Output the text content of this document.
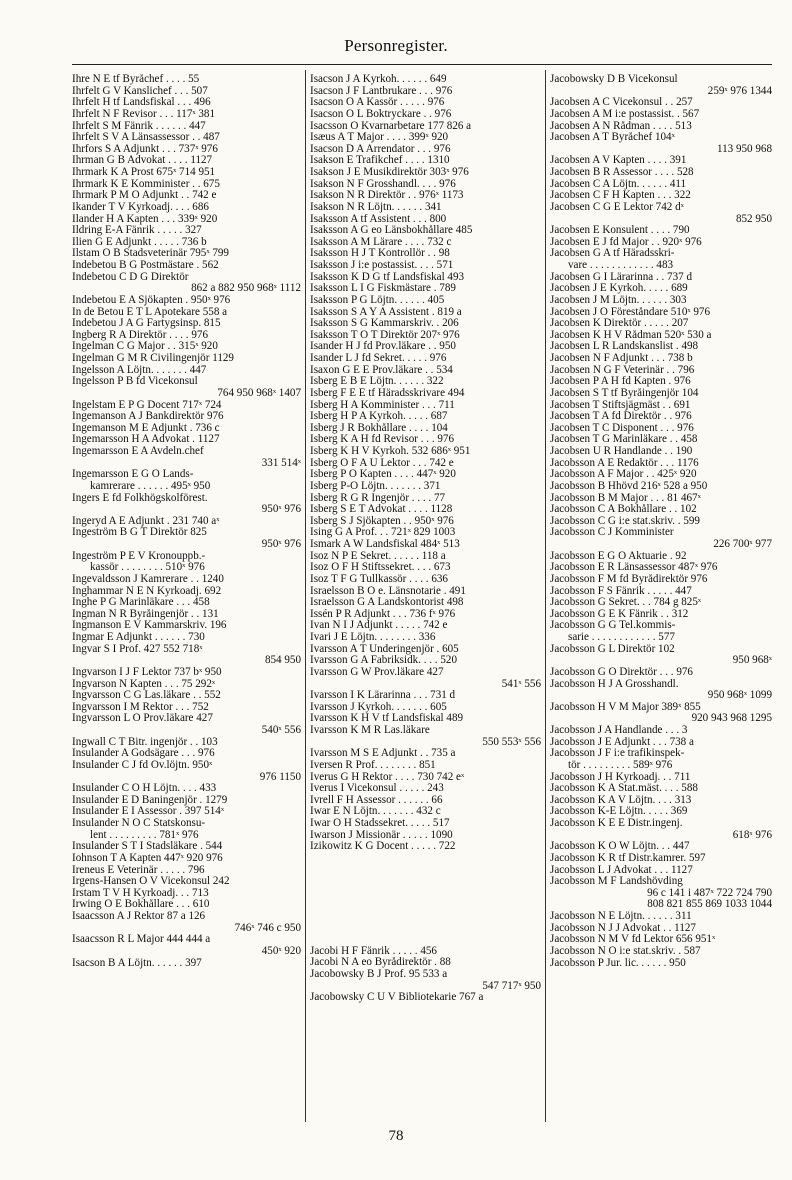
Personregister.
Ihre N E tf Byråchef . . . . 55
Ihrfelt G V Kanslichef . . . 507
Ihrfelt H tf Landsfiskal . . . 496
Ihrfelt N F Revisor . . . 117ˣ 381
Ihrfelt S M Fänrik . . . . . . 447
Ihrfelt S V A Länsassessor . . 487
Ihrfors S A Adjunkt . . . 737ˣ 976
Ihrman G B Advokat . . . . 1127
Ihrmark K A Prost 675ˣ 714 951
Ihrmark K E Komminister . . 675
Ihrmark P M O Adjunkt . . 742 e
Ikander T V Kyrkoadj. . . . 686
Ilander H A Kapten . . . 339ˣ 920
Ildring E-A Fänrik . . . . . 327
Ilien G E Adjunkt . . . . . 736 b
Ilstam O B Stadsveterinär 795ˣ 799
Indebetou B G Postmästare . 562
Indebetou C D G Direktör
862 a 882 950 968ˣ 1112
Indebetou E A Sjökapten . 950ˣ 976
In de Betou E T L Apotekare 558 a
Indebetou J A G Fartygsinsp. 815
Ingberg R A Direktör . . . . 976
Ingelman C G Major . . 315ˣ 920
Ingelman G M R Civilingenjör 1129
Ingelsson A Löjtn. . . . . . . 447
Ingelsson P B fd Vicekonsul
764 950 968ˣ 1407
Ingelstam E P G Docent 717ˣ 724
Ingemanson A J Bankdirektör 976
Ingemanson M E Adjunkt . 736 c
Ingemarsson H A Advokat . 1127
Ingemarsson E A Avdeln.chef
331 514ˣ
Ingemarsson E G O Lands-
kamrerare . . . . . . 495ˣ 950
Ingers E fd Folkhögskolförest.
950ˣ 976
Ingeryd A E Adjunkt . 231 740 aˣ
Ingeström B G T Direktör 825
950ˣ 976
Ingeström P E V Kronouppb.-
kassör . . . . . . . . 510ˣ 976
Ingevaldsson J Kamrerare . . 1240
Inghammar N E N Kyrkoadj. 692
Inghe P G Marinläkare . . . 458
Ingman N R Byråingenjör . . 131
Ingmanson E V Kammarskriv. 196
Ingmar E Adjunkt . . . . . . 730
Ingvar S I Prof. 427 552 718ˣ
854 950
Ingvarson I J F Lektor 737 bˣ 950
Ingvarson N Kapten . . . 75 292ˣ
Ingvarsson C G Las.läkare . . 552
Ingvarsson I M Rektor . . . 752
Ingvarsson L O Prov.läkare 427
540ˣ 556
Ingwall C T Bitr. ingenjör . . 103
Insulander A Godsägare . . . 976
Insulander C J fd Öv.löjtn. 950ˣ
976 1150
Insulander C O H Löjtn. . . . 433
Insulander E D Baningenjör . 1279
Insulander E I Assessor . 397 514ˣ
Insulander N O C Statskonsu-
lent . . . . . . . . . 781ˣ 976
Insulander S T I Stadsläkare . 544
Iohnson T A Kapten 447ˣ 920 976
Ireneus E Veterinär . . . . . 796
Irgens-Hansen O V Vicekonsul 242
Irstam T V H Kyrkoadj. . . 713
Irwing O E Bokhållare . . . 610
Isaacsson A J Rektor 87 a 126
746ˣ 746 c 950
Isaacsson R L Major 444 444 a
450ˣ 920
Isacson B A Löjtn. . . . . . 397
Isacson J A Kyrkoh. . . . . . 649
Isacson J F Lantbrukare . . . 976
Isacson O A Kassör . . . . . 976
Isacson O L Boktryckare . . 976
Isacsson O Kvarnarbetare 177 826 a
Isæus A T Major . . . . 399ˣ 920
Isacson D A Arrendator . . . 976
Isakson E Trafikchef . . . . 1310
Isakson J E Musikdirektör 303ˣ 976
Isakson N F Grosshandl. . . . 976
Isakson N R Direktör . . 976ˣ 1173
Isakson N R Löjtn. . . . . . 341
Isaksson A tf Assistent . . . 800
Isaksson A G eo Länsbokhållare 485
Isaksson A M Lärare . . . . 732 c
Isaksson H J T Kontrollör . . 98
Isaksson J i:e postassist. . . . 571
Isaksson K D G tf Landsfiskal 493
Isaksson L I G Fiskmästare . 789
Isaksson P G Löjtn. . . . . . 405
Isaksson S A Y A Assistent . 819 a
Isaksson S G Kammarskriv. . 206
Isaksson T O T Direktör 207ˣ 976
Isander H J fd Prov.läkare . . 950
Isander L J fd Sekret. . . . . 976
Isaxon G E E Prov.läkare . . 534
Isberg E B E Löjtn. . . . . . 322
Isberg F E E tf Häradsskrivare 494
Isberg H A Komminister . . . 711
Isberg H P A Kyrkoh. . . . . 687
Isberg J R Bokhållare . . . . 104
Isberg K A H fd Revisor . . . 976
Isberg K H V Kyrkoh. 532 686ˣ 951
Isberg O F A U Lektor . . . 742 e
Isberg P O Kapten . . . . 447ˣ 920
Isberg P-O Löjtn. . . . . . . 371
Isberg R G R Ingenjör . . . . 77
Isberg S E T Advokat . . . . 1128
Isberg S J Sjökapten . . 950ˣ 976
Ising G A Prof. . . 721ˣ 829 1003
Ismark A W Landsfiskal 484ˣ 513
Isoz N P E Sekret. . . . . . 118 a
Isoz O F H Stiftssekret. . . . 673
Isoz T F G Tullkassör . . . . 636
Israelsson B O e. Länsnotarie . 491
Israelsson G A Landskontorist 498
Issén P R Adjunkt . . . 736 fˣ 976
Ivan N I J Adjunkt . . . . . 742 e
Ivari J E Löjtn. . . . . . . . 336
Ivarsson A T Underingenjör . 605
Ivarsson G A Fabriksidk. . . . 520
Ivarsson G W Prov.läkare 427
541ˣ 556
Ivarsson I K Lärarinna . . . 731 d
Ivarsson J Kyrkoh. . . . . . . 605
Ivarsson K H V tf Landsfiskal 489
Ivarsson K M R Las.läkare
550 553ˣ 556
Ivarsson M S E Adjunkt . . 735 a
Iversen R Prof. . . . . . . . 851
Iverus G H Rektor . . . . 730 742 eˣ
Iverus I Vicekonsul . . . . . 243
Ivrell F H Assessor . . . . . . 66
Iwar E N Löjtn. . . . . . . 432 c
Iwar O H Stadssekret. . . . . 517
Iwarson J Missionär . . . . . 1090
Izikowitz K G Docent . . . . . 722
Jacobi H F Fänrik . . . . . 456
Jacobi N A eo Byrådirektör . 88
Jacobowsky B J Prof. 95 533 a
547 717ˣ 950
Jacobowsky C U V Bibliotekarie 767 a
Jacobowsky D B Vicekonsul
259ˣ 976 1344
Jacobsen A C Vicekonsul . . 257
Jacobsen A M i:e postassist. . 567
Jacobsen A N Rådman . . . . 513
Jacobsen A T Byråchef 104ˣ
113 950 968
Jacobsen A V Kapten . . . . 391
Jacobsen B R Assessor . . . . 528
Jacobsen C A Löjtn. . . . . . 411
Jacobsen C F H Kapten . . . 322
Jacobsen C G E Lektor 742 dˣ
852 950
Jacobsen E Konsulent . . . . 790
Jacobsen E J fd Major . . 920ˣ 976
Jacobsen G A tf Häradsskri-
vare . . . . . . . . . . . . 483
Jacobsen G I Lärarinna . . 737 d
Jacobsen J E Kyrkoh. . . . . 689
Jacobsen J M Löjtn. . . . . . 303
Jacobsen J O Föreståndare 510ˣ 976
Jacobsen K Direktör . . . . . 207
Jacobsen K H V Rådman 520ˣ 530 a
Jacobsen L R Landskanslist . 498
Jacobsen N F Adjunkt . . . 738 b
Jacobsen N G F Veterinär . . 796
Jacobsen P A H fd Kapten . 976
Jacobsen S T tf Byråingenjör 104
Jacobsen T Stiftsjägmäst . . 691
Jacobsen T A fd Direktör . . 976
Jacobsen T C Disponent . . . 976
Jacobsen T G Marinläkare . . 458
Jacobsen U R Handlande . . 190
Jacobsson A E Redaktör . . . 1176
Jacobsson A F Major . . 425ˣ 920
Jacobsson B Hhövd 216ˣ 528 a 950
Jacobsson B M Major . . . 81 467ˣ
Jacobsson C A Bokhållare . . 102
Jacobsson C G i:e stat.skriv. . 599
Jacobsson C J Komminister
226 700ˣ 977
Jacobsson E G O Aktuarie . 92
Jacobsson E R Länsassessor 487ˣ 976
Jacobsson F M fd Byrådirektör 976
Jacobsson F S Fänrik . . . . . 447
Jacobsson G Sekret. . . 784 g 825ˣ
Jacobsson G E K Fänrik . . 312
Jacobsson G G Tel.kommis-
sarie . . . . . . . . . . . . 577
Jacobsson G L Direktör 102
950 968ˣ
Jacobsson G O Direktör . . . 976
Jacobsson H J A Grosshandl.
950 968ˣ 1099
Jacobsson H V M Major 389ˣ 855
920 943 968 1295
Jacobsson J A Handlande . . . 3
Jacobsson J E Adjunkt . . . 738 a
Jacobsson J F i:e trafikinspek-
tör . . . . . . . . . 589ˣ 976
Jacobsson J H Kyrkoadj. . . 711
Jacobsson K A Stat.mäst. . . . 588
Jacobsson K A V Löjtn. . . . 313
Jacobsson K-E Löjtn. . . . . 369
Jacobsson K E E Distr.ingenj.
618ˣ 976
Jacobsson K O W Löjtn. . . 447
Jacobsson K R tf Distr.kamrer. 597
Jacobsson L J Advokat . . . 1127
Jacobsson M F Landshövding
96 c 141 i 487ˣ 722 724 790
808 821 855 869 1033 1044
Jacobsson N E Löjtn. . . . . . 311
Jacobsson N J J Advokat . . 1127
Jacobsson N M V fd Lektor 656 951ˣ
Jacobsson N O i:e stat.skriv. . 587
Jacobsson P Jur. lic. . . . . . 950
78
